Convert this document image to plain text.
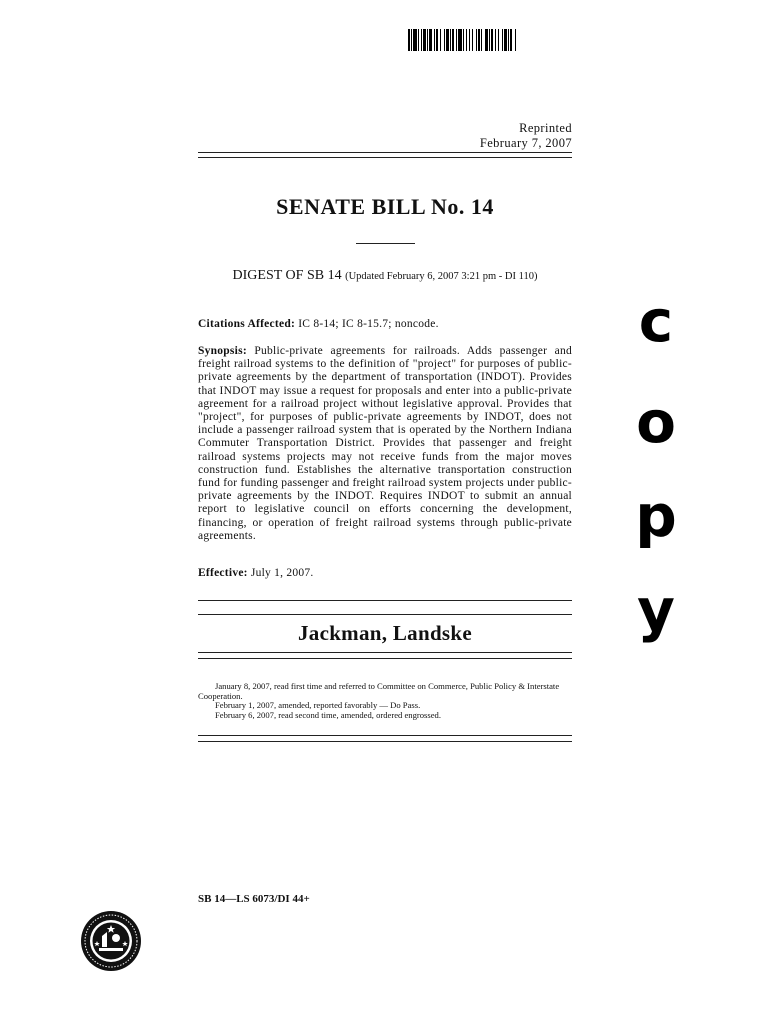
Reprinted
February 7, 2007
SENATE BILL No. 14
DIGEST OF SB 14 (Updated February 6, 2007 3:21 pm - DI 110)
Citations Affected: IC 8-14; IC 8-15.7; noncode.
Synopsis: Public-private agreements for railroads. Adds passenger and freight railroad systems to the definition of "project" for purposes of public-private agreements by the department of transportation (INDOT). Provides that INDOT may issue a request for proposals and enter into a public-private agreement for a railroad project without legislative approval. Provides that "project", for purposes of public-private agreements by INDOT, does not include a passenger railroad system that is operated by the Northern Indiana Commuter Transportation District. Provides that passenger and freight railroad systems projects may not receive funds from the major moves construction fund. Establishes the alternative transportation construction fund for funding passenger and freight railroad system projects under public-private agreements by the INDOT. Requires INDOT to submit an annual report to legislative council on efforts concerning the development, financing, or operation of freight railroad systems through public-private agreements.
Effective: July 1, 2007.
Jackman, Landske
January 8, 2007, read first time and referred to Committee on Commerce, Public Policy & Interstate Cooperation.
February 1, 2007, amended, reported favorably — Do Pass.
February 6, 2007, read second time, amended, ordered engrossed.
SB 14—LS 6073/DI 44+
c
o
p
y
